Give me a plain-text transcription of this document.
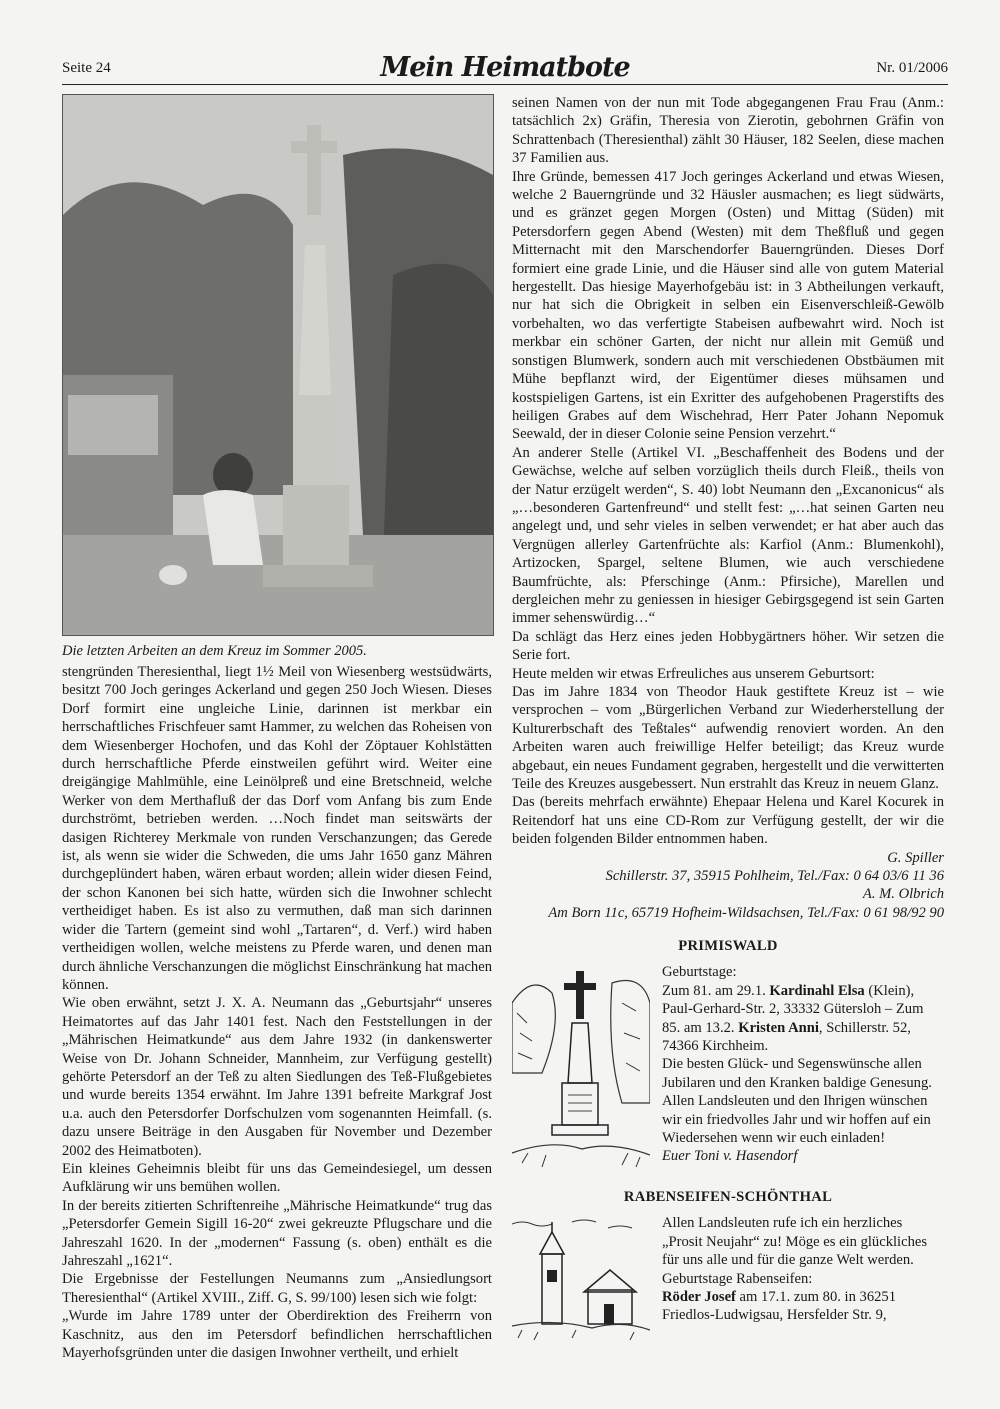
Seite 24	Mein Heimatbote	Nr. 01/2006
Die letzten Arbeiten an dem Kreuz im Sommer 2005.

stengründen Theresienthal, liegt 1½ Meil von Wiesenberg westsüdwärts, besitzt 700 Joch geringes Ackerland und gegen 250 Joch Wiesen. Dieses Dorf formirt eine ungleiche Linie, darinnen ist merkbar ein herrschaftliches Frischfeuer samt Hammer, zu welchen das Roheisen von dem Wiesenberger Hochofen, und das Kohl der Zöptauer Kohlstätten durch herrschaftliche Pferde einstweilen geführt wird. Weiter eine dreigängige Mahlmühle, eine Leinölpreß und eine Bretschneid, welche Werker von dem Merthafluß der das Dorf vom Anfang bis zum Ende durchströmt, betrieben werden. …Noch findet man seitswärts der dasigen Richterey Merkmale von runden Verschanzungen; das Gerede ist, als wenn sie wider die Schweden, die ums Jahr 1650 ganz Mähren durchgeplündert haben, wären erbaut worden; allein wider diesen Feind, der schon Kanonen bei sich hatte, würden sich die Inwohner schlecht vertheidiget haben. Es ist also zu vermuthen, daß man sich darinnen wider die Tartern (gemeint sind wohl „Tartaren“, d. Verf.) wird haben vertheidigen wollen, welche meistens zu Pferde waren, und denen man durch ähnliche Verschanzungen die möglichst Einschränkung hat machen können.

Wie oben erwähnt, setzt J. X. A. Neumann das „Geburtsjahr“ unseres Heimatortes auf das Jahr 1401 fest. Nach den Feststellungen in der „Mährischen Heimatkunde“ aus dem Jahre 1932 (in dankenswerter Weise von Dr. Johann Schneider, Mannheim, zur Verfügung gestellt) gehörte Petersdorf an der Teß zu alten Siedlungen des Teß-Flußgebietes und wurde bereits 1354 erwähnt. Im Jahre 1391 befreite Markgraf Jost u.a. auch den Petersdorfer Dorfschulzen vom sogenannten Heimfall. (s. dazu unsere Beiträge in den Ausgaben für November und Dezember 2002 des Heimatboten).

Ein kleines Geheimnis bleibt für uns das Gemeindesiegel, um dessen Aufklärung wir uns bemühen wollen.

In der bereits zitierten Schriftenreihe „Mährische Heimatkunde“ trug das „Petersdorfer Gemein Sigill 16-20“ zwei gekreuzte Pflugschare und die Jahreszahl 1620. In der „modernen“ Fassung (s. oben) enthält es die Jahreszahl „1621“.

Die Ergebnisse der Festellungen Neumanns zum „Ansiedlungsort Theresienthal“ (Artikel XVIII., Ziff. G, S. 99/100) lesen sich wie folgt:

„Wurde im Jahre 1789 unter der Oberdirektion des Freiherrn von Kaschnitz, aus den im Petersdorf befindlichen herrschaftlichen Mayerhofsgründen unter die dasigen Inwohner vertheilt, und erhielt

seinen Namen von der nun mit Tode abgegangenen Frau Frau (Anm.: tatsächlich 2x) Gräfin, Theresia von Zierotin, gebohrnen Gräfin von Schrattenbach (Theresienthal) zählt 30 Häuser, 182 Seelen, diese machen 37 Familien aus.

Ihre Gründe, bemessen 417 Joch geringes Ackerland und etwas Wiesen, welche 2 Bauerngründe und 32 Häusler ausmachen; es liegt südwärts, und es gränzet gegen Morgen (Osten) und Mittag (Süden) mit Petersdorfern gegen Abend (Westen) mit dem Theßfluß und gegen Mitternacht mit den Marschendorfer Bauerngründen. Dieses Dorf formiert eine grade Linie, und die Häuser sind alle von gutem Material hergestellt. Das hiesige Mayerhofgebäu ist: in 3 Abtheilungen verkauft, nur hat sich die Obrigkeit in selben ein Eisenverschleiß-Gewölb vorbehalten, wo das verfertigte Stabeisen aufbewahrt wird. Noch ist merkbar ein schöner Garten, der nicht nur allein mit Gemüß und sonstigen Blumwerk, sondern auch mit verschiedenen Obstbäumen mit Mühe bepflanzt wird, der Eigentümer dieses mühsamen und kostspieligen Gartens, ist ein Exritter des aufgehobenen Pragerstifts des heiligen Grabes auf dem Wischehrad, Herr Pater Johann Nepomuk Seewald, der in dieser Colonie seine Pension verzehrt.“

An anderer Stelle (Artikel VI. „Beschaffenheit des Bodens und der Gewächse, welche auf selben vorzüglich theils durch Fleiß., theils von der Natur erzügelt werden“, S. 40) lobt Neumann den „Excanonicus“ als „…besonderen Gartenfreund“ und stellt fest: „…hat seinen Garten neu angelegt und, und sehr vieles in selben verwendet; er hat aber auch das Vergnügen allerley Gartenfrüchte als: Karfiol (Anm.: Blumenkohl), Artizocken, Spargel, seltene Blumen, wie auch verschiedene Baumfrüchte, als: Pferschinge (Anm.: Pfirsiche), Marellen und dergleichen mehr zu geniessen in hiesiger Gebirgsgegend ist sein Garten immer sehenswürdig…“

Da schlägt das Herz eines jeden Hobbygärtners höher. Wir setzen die Serie fort.

Heute melden wir etwas Erfreuliches aus unserem Geburtsort:

Das im Jahre 1834 von Theodor Hauk gestiftete Kreuz ist – wie versprochen – vom „Bürgerlichen Verband zur Wiederherstellung der Kulturerbschaft des Teßtales“ aufwendig renoviert worden. An den Arbeiten waren auch freiwillige Helfer beteiligt; das Kreuz wurde abgebaut, ein neues Fundament gegraben, hergestellt und die verwitterten Teile des Kreuzes ausgebessert. Nun erstrahlt das Kreuz in neuem Glanz.

Das (bereits mehrfach erwähnte) Ehepaar Helena und Karel Kocurek in Reitendorf hat uns eine CD-Rom zur Verfügung gestellt, der wir die beiden folgenden Bilder entnommen haben.

G. Spiller

Schillerstr. 37, 35915 Pohlheim, Tel./Fax: 0 64 03/6 11 36

A. M. Olbrich

Am Born 11c, 65719 Hofheim-Wildsachsen, Tel./Fax: 0 61 98/92 90

PRIMISWALD

Geburtstage:

Zum 81. am 29.1. Kardinahl Elsa (Klein), Paul-Gerhard-Str. 2, 33332 Gütersloh – Zum 85. am 13.2. Kristen Anni, Schillerstr. 52, 74366 Kirchheim.

Die besten Glück- und Segenswünsche allen Jubilaren und den Kranken baldige Genesung.

Allen Landsleuten und den Ihrigen wünschen wir ein friedvolles Jahr und wir hoffen auf ein Wiedersehen wenn wir euch einladen!

Euer Toni v. Hasendorf

RABENSEIFEN-SCHÖNTHAL

Allen Landsleuten rufe ich ein herzliches „Prosit Neujahr“ zu! Möge es ein glückliches für uns alle und für die ganze Welt werden.

Geburtstage Rabenseifen:

Röder Josef am 17.1. zum 80. in 36251 Friedlos-Ludwigsau, Hersfelder Str. 9,
